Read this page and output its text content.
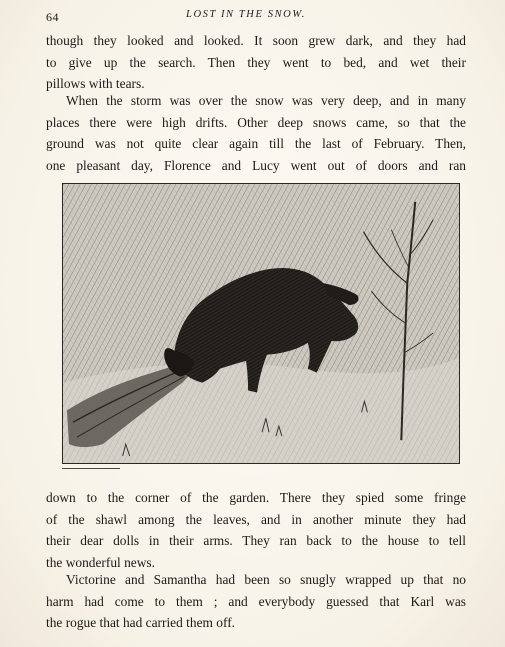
64	LOST IN THE SNOW.
though they looked and looked. It soon grew dark, and they had
to give up the search. Then they went to bed, and wet their
pillows with tears.
When the storm was over the snow was very deep, and in many
places there were high drifts. Other deep snows came, so that the
ground was not quite clear again till the last of February. Then,
one pleasant day, Florence and Lucy went out of doors and ran
down to the corner of the garden. There they spied some fringe
of the shawl among the leaves, and in another minute they had
their dear dolls in their arms. They ran back to the house to tell
the wonderful news.
Victorine and Samantha had been so snugly wrapped up that no
harm had come to them ; and everybody guessed that Karl was
the rogue that had carried them off.
